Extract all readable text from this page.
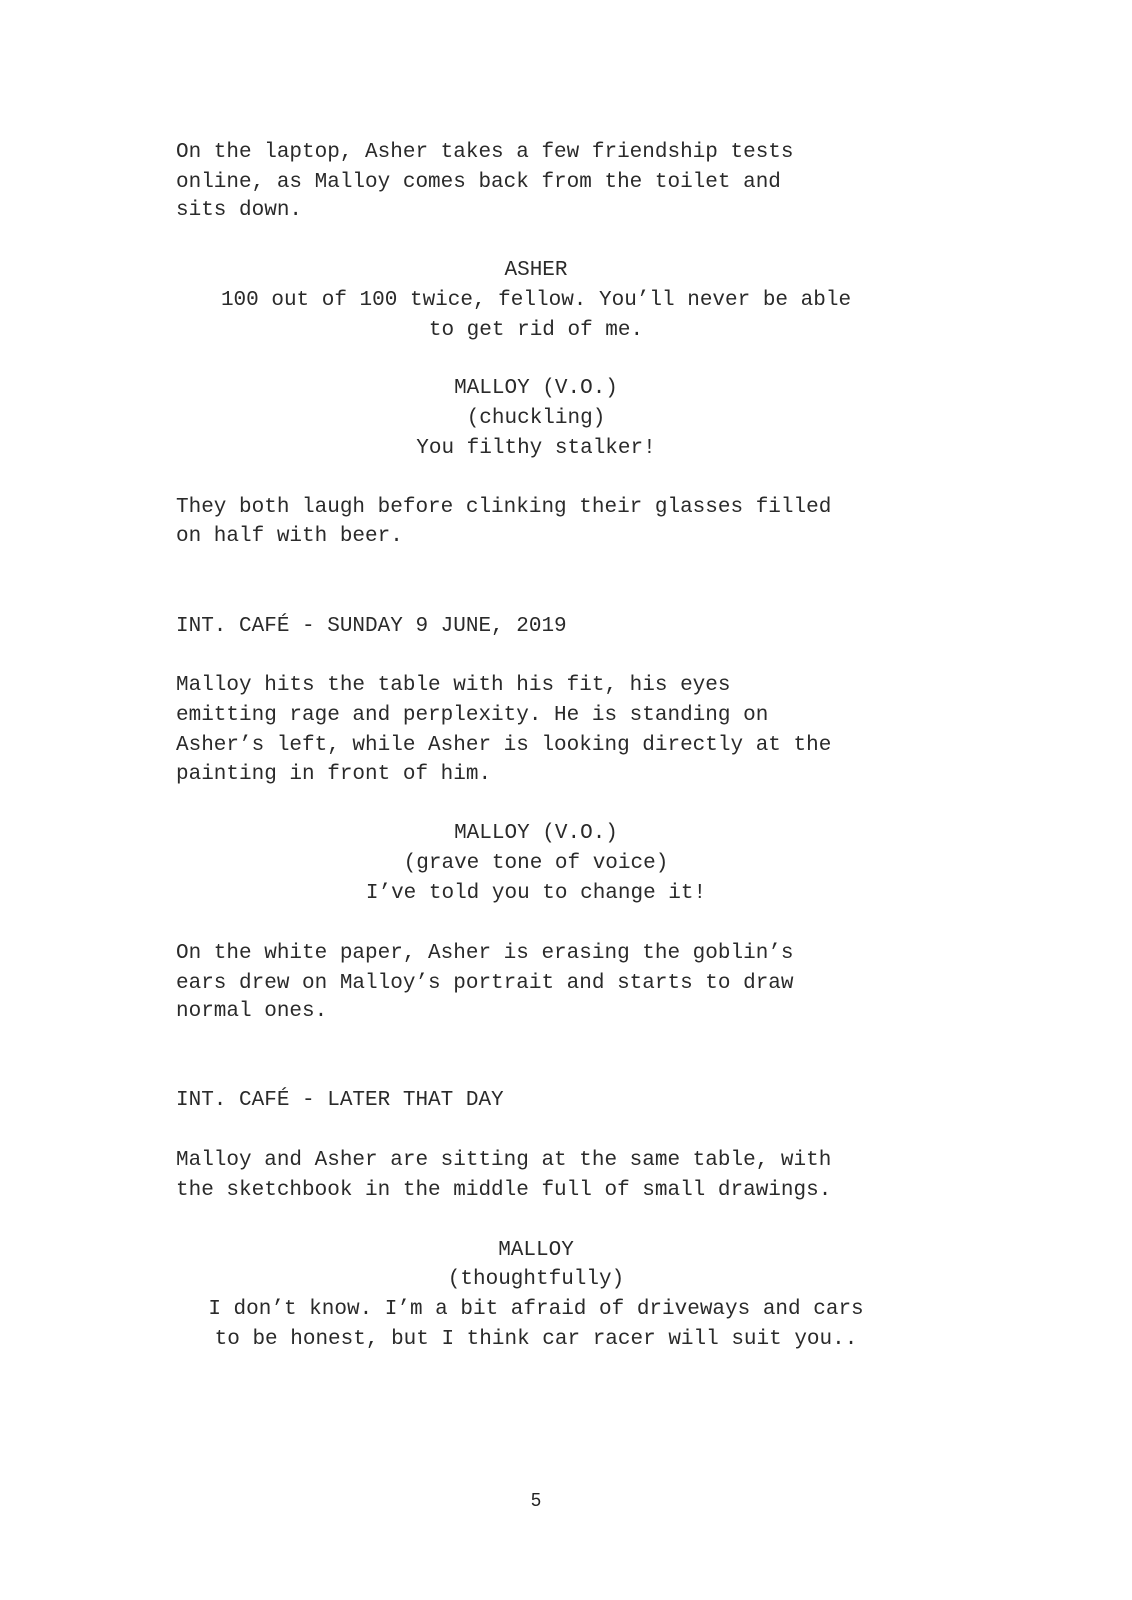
On the laptop, Asher takes a few friendship tests
online, as Malloy comes back from the toilet and
sits down.
ASHER
100 out of 100 twice, fellow. You’ll never be able
to get rid of me.
MALLOY (V.O.)
(chuckling)
You filthy stalker!
They both laugh before clinking their glasses filled
on half with beer.
INT. CAFÉ - SUNDAY 9 JUNE, 2019
Malloy hits the table with his fit, his eyes
emitting rage and perplexity. He is standing on
Asher’s left, while Asher is looking directly at the
painting in front of him.
MALLOY (V.O.)
(grave tone of voice)
I’ve told you to change it!
On the white paper, Asher is erasing the goblin’s
ears drew on Malloy’s portrait and starts to draw
normal ones.
INT. CAFÉ - LATER THAT DAY
Malloy and Asher are sitting at the same table, with
the sketchbook in the middle full of small drawings.
MALLOY
(thoughtfully)
I don’t know. I’m a bit afraid of driveways and cars
to be honest, but I think car racer will suit you..
5
